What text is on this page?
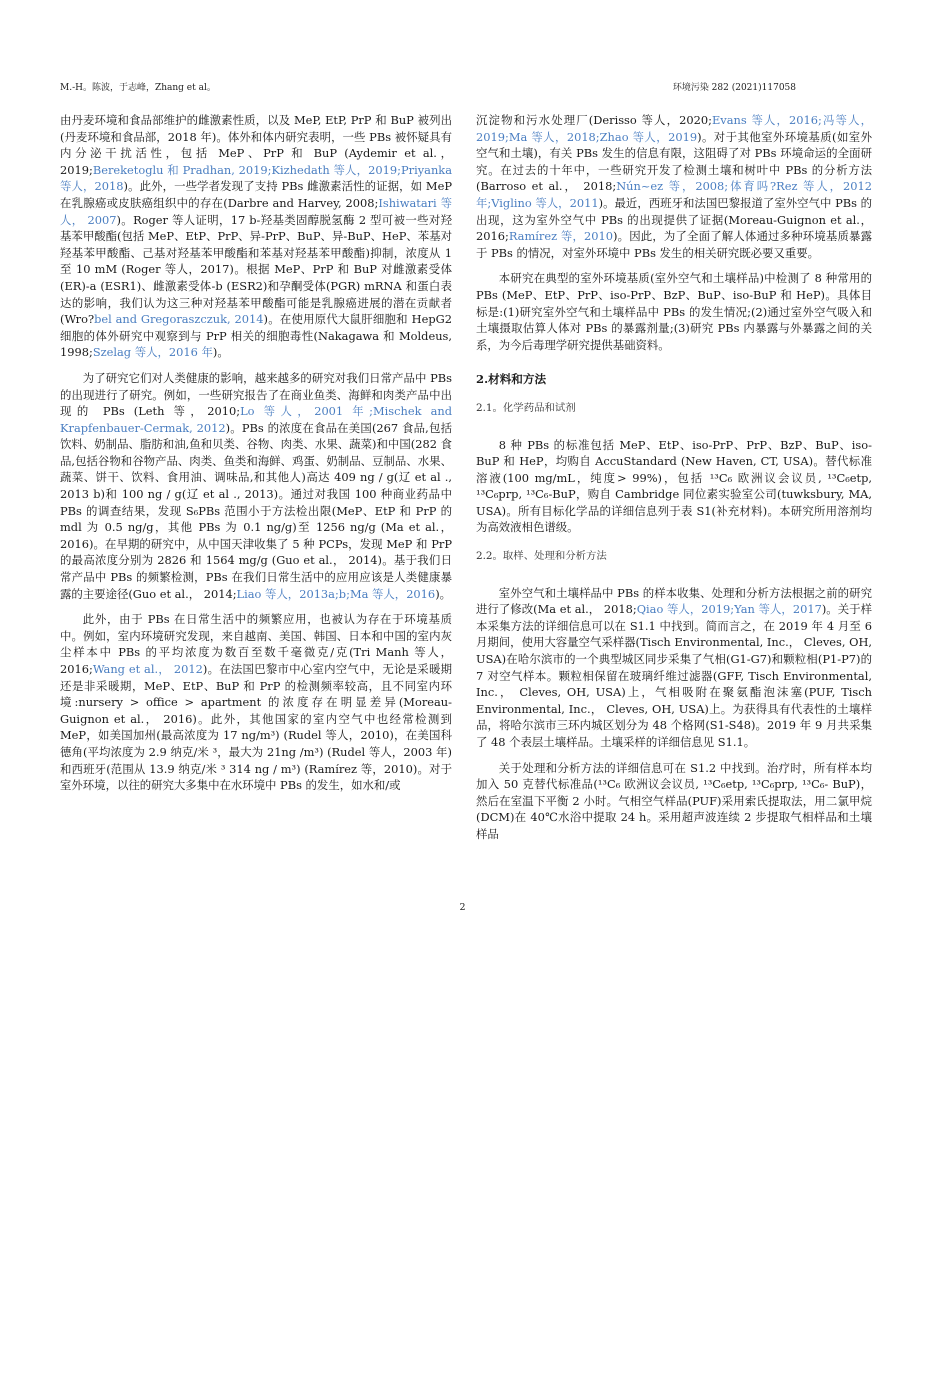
M.-H。陈波，于志峰，Zhang et al。	环境污染 282 (2021)117058

由丹麦环境和食品部维护的雌激素性质，以及 MeP, EtP, PrP 和 BuP 被列出(丹麦环境和食品部，2018 年)。体外和体内研究表明，一些 PBs 被怀疑具有内分泌干扰活性，包括 MeP、PrP 和 BuP (Aydemir et al.， 2019;Bereketoglu 和 Pradhan, 2019;Kizhedath 等人，2019;Priyanka 等人，2018)。此外，一些学者发现了支持 PBs 雌激素活性的证据，如 MeP 在乳腺癌或皮肤癌组织中的存在(Darbre and Harvey, 2008;Ishiwatari 等人， 2007)。Roger 等人证明，17 b-羟基类固醇脱氢酶 2 型可被一些对羟基苯甲酸酯(包括 MeP、EtP、PrP、异-PrP、BuP、异-BuP、HeP、苯基对羟基苯甲酸酯、己基对羟基苯甲酸酯和苯基对羟基苯甲酸酯)抑制，浓度从 1 至 10 mM (Roger 等人，2017)。根据 MeP、PrP 和 BuP 对雌激素受体(ER)-a (ESR1)、雌激素受体-b (ESR2)和孕酮受体(PGR) mRNA 和蛋白表达的影响，我们认为这三种对羟基苯甲酸酯可能是乳腺癌进展的潜在贡献者(Wro?bel and Gregoraszczuk, 2014)。在使用原代大鼠肝细胞和 HepG2 细胞的体外研究中观察到与 PrP 相关的细胞毒性(Nakagawa 和 Moldeus, 1998;Szelag 等人，2016 年)。

为了研究它们对人类健康的影响，越来越多的研究对我们日常产品中 PBs 的出现进行了研究。例如，一些研究报告了在商业鱼类、海鲜和肉类产品中出现的 PBs (Leth 等，2010;Lo 等人，2001 年;Mischek and Krapfenbauer-Cermak, 2012)。PBs 的浓度在食品在美国(267 食品,包括饮料、奶制品、脂肪和油,鱼和贝类、谷物、肉类、水果、蔬菜)和中国(282 食品,包括谷物和谷物产品、肉类、鱼类和海鲜、鸡蛋、奶制品、豆制品、水果、蔬菜、饼干、饮料、食用油、调味品,和其他人)高达 409 ng / g(辽 et al ., 2013 b)和 100 ng / g(辽 et al ., 2013)。通过对我国 100 种商业药品中 PBs 的调查结果，发现 S₆PBs 范围小于方法检出限(MeP、EtP 和 PrP 的 mdl 为 0.5 ng/g，其他 PBs 为 0.1 ng/g)至 1256 ng/g (Ma et al.， 2016)。在早期的研究中，从中国天津收集了 5 种 PCPs，发现 MeP 和 PrP 的最高浓度分别为 2826 和 1564 mg/g (Guo et al.， 2014)。基于我们日常产品中 PBs 的频繁检测，PBs 在我们日常生活中的应用应该是人类健康暴露的主要途径(Guo et al.， 2014;Liao 等人，2013a;b;Ma 等人，2016)。

此外，由于 PBs 在日常生活中的频繁应用，也被认为存在于环境基质中。例如，室内环境研究发现，来自越南、美国、韩国、日本和中国的室内灰尘样本中 PBs 的平均浓度为数百至数千毫微克/克(Tri Manh 等人，2016;Wang et al.， 2012)。在法国巴黎市中心室内空气中，无论是采暖期还是非采暖期，MeP、EtP、BuP 和 PrP 的检测频率较高，且不同室内环境:nursery > office > apartment 的浓度存在明显差异(Moreau-Guignon et al.， 2016)。此外，其他国家的室内空气中也经常检测到 MeP，如美国加州(最高浓度为 17 ng/m³) (Rudel 等人，2010)，在美国科德角(平均浓度为 2.9 纳克/米 ³，最大为 21ng /m³) (Rudel 等人，2003 年)和西班牙(范围从 13.9 纳克/米 ³ 314 ng / m³) (Ramírez 等，2010)。对于室外环境，以往的研究大多集中在水环境中 PBs 的发生，如水和/或

沉淀物和污水处理厂(Derisso 等人，2020;Evans 等人，2016;冯等人，2019;Ma 等人，2018;Zhao 等人，2019)。对于其他室外环境基质(如室外空气和土壤)，有关 PBs 发生的信息有限，这阻碍了对 PBs 环境命运的全面研究。在过去的十年中，一些研究开发了检测土壤和树叶中 PBs 的分析方法(Barroso et al.， 2018;Nún~ez 等，2008;体育吗?Rez 等人，2012 年;Viglino 等人，2011)。最近，西班牙和法国巴黎报道了室外空气中 PBs 的出现，这为室外空气中 PBs 的出现提供了证据(Moreau-Guignon et al.，2016;Ramírez 等，2010)。因此，为了全面了解人体通过多种环境基质暴露于 PBs 的情况，对室外环境中 PBs 发生的相关研究既必要又重要。

本研究在典型的室外环境基质(室外空气和土壤样品)中检测了 8 种常用的 PBs (MeP、EtP、PrP、iso-PrP、BzP、BuP、iso-BuP 和 HeP)。具体目标是:(1)研究室外空气和土壤样品中 PBs 的发生情况;(2)通过室外空气吸入和土壤摄取估算人体对 PBs 的暴露剂量;(3)研究 PBs 内暴露与外暴露之间的关系，为今后毒理学研究提供基础资料。

2.材料和方法

2.1。化学药品和试剂

8 种 PBs 的标准包括 MeP、EtP、iso-PrP、PrP、BzP、BuP、iso-BuP 和 HeP，均购自 AccuStandard (New Haven, CT, USA)。替代标准溶液(100 mg/mL，纯度> 99%)，包括 ¹³C₆ 欧洲议会议员, ¹³C₆etp, ¹³C₆prp, ¹³C₆-BuP，购自 Cambridge 同位素实验室公司(tuwksbury, MA, USA)。所有目标化学品的详细信息列于表 S1(补充材料)。本研究所用溶剂均为高效液相色谱级。

2.2。取样、处理和分析方法

室外空气和土壤样品中 PBs 的样本收集、处理和分析方法根据之前的研究进行了修改(Ma et al.， 2018;Qiao 等人，2019;Yan 等人，2017)。关于样本采集方法的详细信息可以在 S1.1 中找到。简而言之，在 2019 年 4 月至 6 月期间，使用大容量空气采样器(Tisch Environmental, Inc.， Cleves, OH, USA)在哈尔滨市的一个典型城区同步采集了气相(G1-G7)和颗粒相(P1-P7)的 7 对空气样本。颗粒相保留在玻璃纤维过滤器(GFF, Tisch Environmental, Inc.， Cleves, OH, USA)上，气相吸附在聚氨酯泡沫塞(PUF, Tisch Environmental, Inc.， Cleves, OH, USA)上。为获得具有代表性的土壤样品，将哈尔滨市三环内城区划分为 48 个格网(S1-S48)。2019 年 9 月共采集了 48 个表层土壤样品。土壤采样的详细信息见 S1.1。

关于处理和分析方法的详细信息可在 S1.2 中找到。治疗时，所有样本均加入 50 克替代标准品(¹³C₆ 欧洲议会议员, ¹³C₆etp, ¹³C₆prp, ¹³C₆- BuP)，然后在室温下平衡 2 小时。气相空气样品(PUF)采用索氏提取法，用二氯甲烷(DCM)在 40℃水浴中提取 24 h。采用超声波连续 2 步提取气相样品和土壤样品

2
